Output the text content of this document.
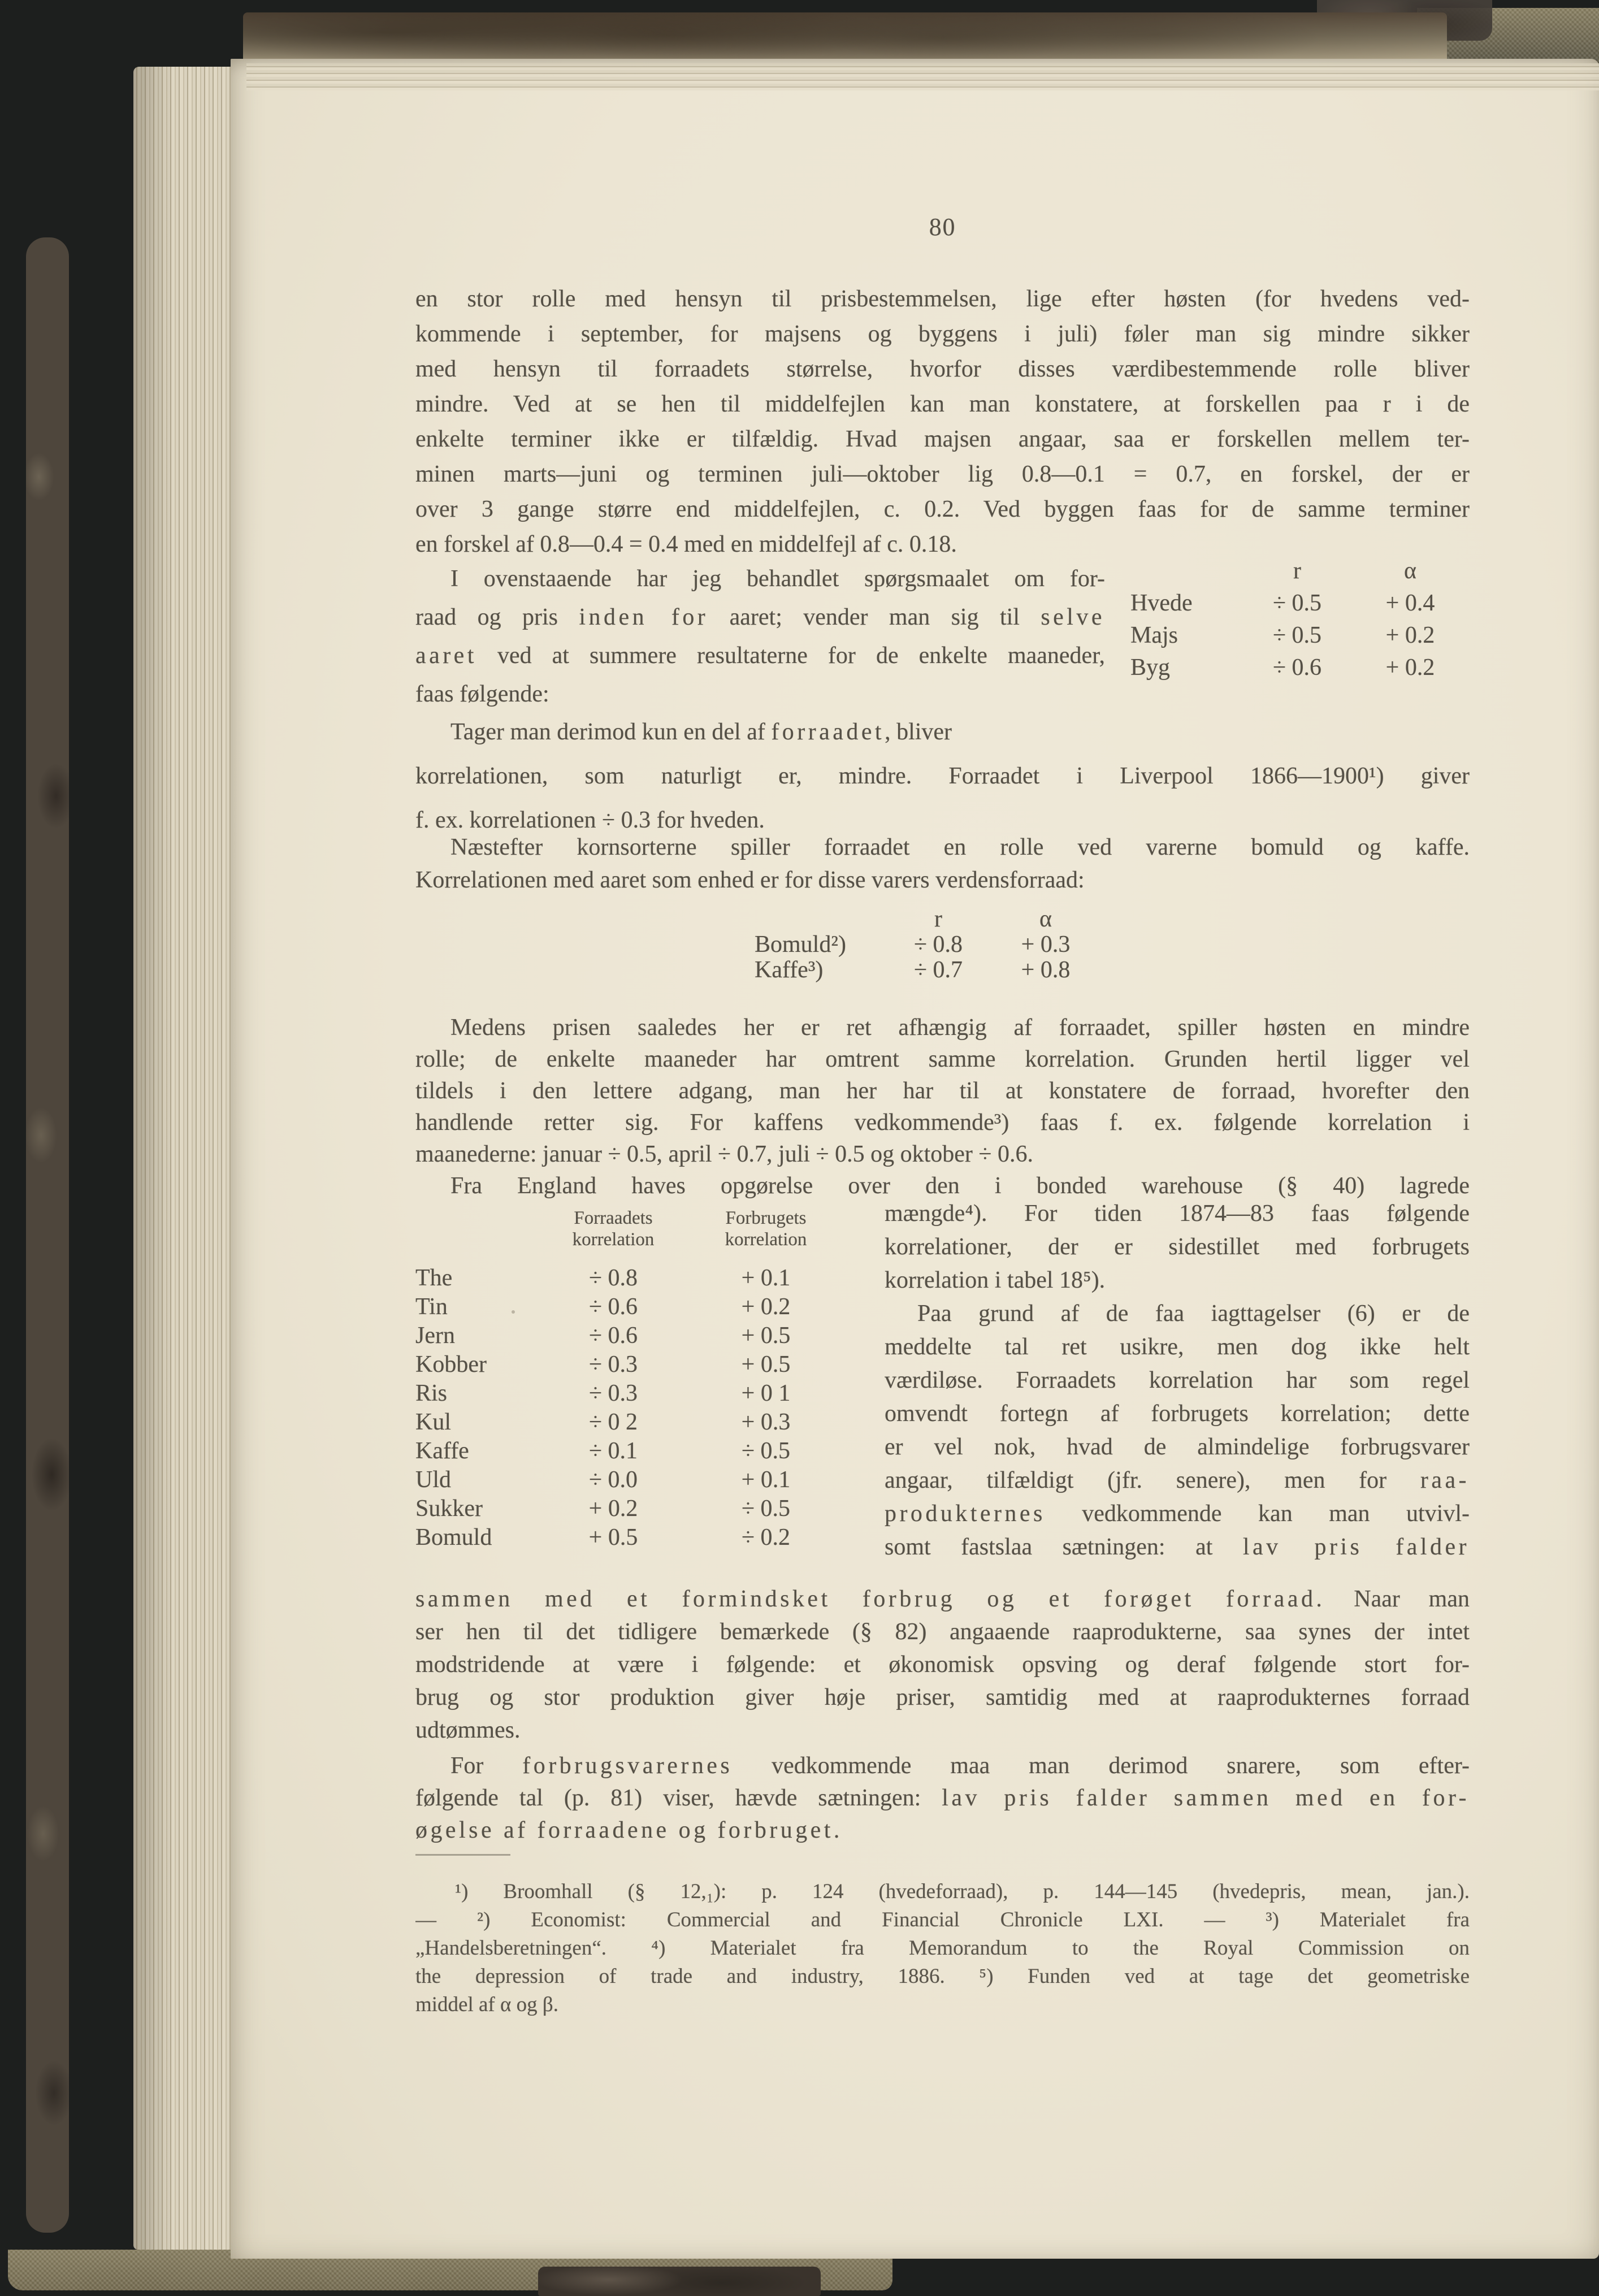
80
en stor rolle med hensyn til prisbestemmelsen, lige efter høsten (for hvedens ved-
kommende i september, for majsens og byggens i juli) føler man sig mindre sikker
med hensyn til forraadets størrelse, hvorfor disses værdibestemmende rolle bliver
mindre. Ved at se hen til middelfejlen kan man konstatere, at forskellen paa r i de
enkelte terminer ikke er tilfældig. Hvad majsen angaar, saa er forskellen mellem ter-
minen marts—juni og terminen juli—oktober lig 0.8—0.1 = 0.7, en forskel, der er
over 3 gange større end middelfejlen, c. 0.2. Ved byggen faas for de samme terminer
en forskel af 0.8—0.4 = 0.4 med en middelfejl af c. 0.18.
I ovenstaaende har jeg behandlet spørgsmaalet om for-
raad og pris inden for aaret; vender man sig til selve
aaret ved at summere resultaterne for de enkelte maaneder,
faas følgende:
r	α
Hvede	÷ 0.5	+ 0.4
Majs	÷ 0.5	+ 0.2
Byg	÷ 0.6	+ 0.2
Tager man derimod kun en del af forraadet, bliver
korrelationen, som naturligt er, mindre. Forraadet i Liverpool 1866—1900¹) giver
f. ex. korrelationen ÷ 0.3 for hveden.
Næstefter kornsorterne spiller forraadet en rolle ved varerne bomuld og kaffe.
Korrelationen med aaret som enhed er for disse varers verdensforraad:
r	α
Bomuld²)	÷ 0.8	+ 0.3
Kaffe³)	÷ 0.7	+ 0.8
Medens prisen saaledes her er ret afhængig af forraadet, spiller høsten en mindre
rolle; de enkelte maaneder har omtrent samme korrelation. Grunden hertil ligger vel
tildels i den lettere adgang, man her har til at konstatere de forraad, hvorefter den
handlende retter sig. For kaffens vedkommende³) faas f. ex. følgende korrelation i
maanederne: januar ÷ 0.5, april ÷ 0.7, juli ÷ 0.5 og oktober ÷ 0.6.
Fra England haves opgørelse over den i bonded warehouse (§ 40) lagrede
Forraadets korrelation
Forbrugets korrelation
The	÷ 0.8	+ 0.1
Tin	÷ 0.6	+ 0.2
Jern	÷ 0.6	+ 0.5
Kobber	÷ 0.3	+ 0.5
Ris	÷ 0.3	+ 0 1
Kul	÷ 0 2	+ 0.3
Kaffe	÷ 0.1	÷ 0.5
Uld	÷ 0.0	+ 0.1
Sukker	+ 0.2	÷ 0.5
Bomuld	+ 0.5	÷ 0.2
mængde⁴). For tiden 1874—83 faas følgende
korrelationer, der er sidestillet med forbrugets
korrelation i tabel 18⁵).
Paa grund af de faa iagttagelser (6) er de
meddelte tal ret usikre, men dog ikke helt
værdiløse. Forraadets korrelation har som regel
omvendt fortegn af forbrugets korrelation; dette
er vel nok, hvad de almindelige forbrugsvarer
angaar, tilfældigt (jfr. senere), men for raa-
produkternes vedkommende kan man utvivl-
somt fastslaa sætningen: at lav pris falder
sammen med et formindsket forbrug og et forøget forraad. Naar man
ser hen til det tidligere bemærkede (§ 82) angaaende raaprodukterne, saa synes der intet
modstridende at være i følgende: et økonomisk opsving og deraf følgende stort for-
brug og stor produktion giver høje priser, samtidig med at raaprodukternes forraad
udtømmes.
For forbrugsvarernes vedkommende maa man derimod snarere, som efter-
følgende tal (p. 81) viser, hævde sætningen: lav pris falder sammen med en for-
øgelse af forraadene og forbruget.
¹) Broomhall (§ 12,₁): p. 124 (hvedeforraad), p. 144—145 (hvedepris, mean, jan.).
— ²) Economist: Commercial and Financial Chronicle LXI. — ³) Materialet fra
„Handelsberetningen“. ⁴) Materialet fra Memorandum to the Royal Commission on
the depression of trade and industry, 1886. ⁵) Funden ved at tage det geometriske
middel af α og β.
